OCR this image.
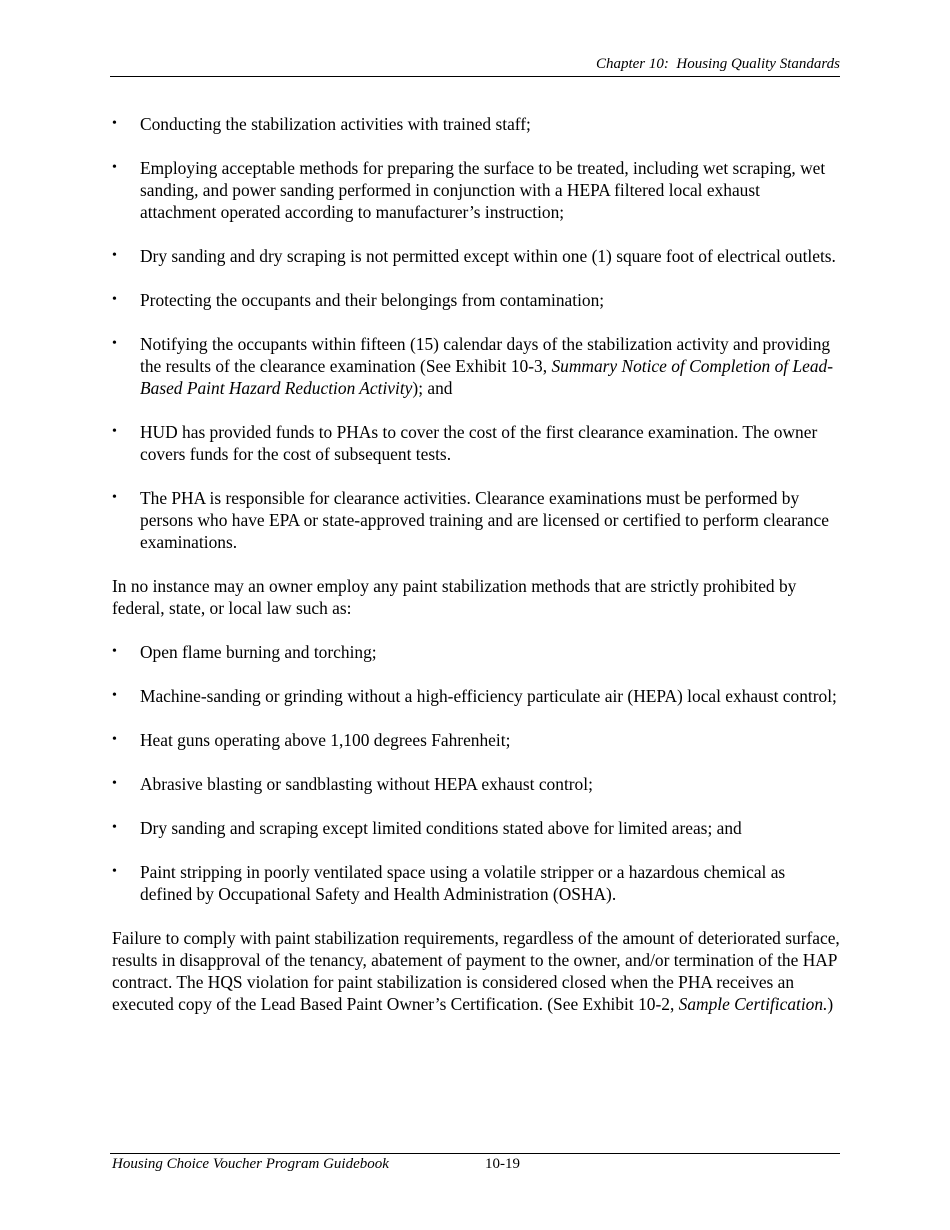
Chapter 10:  Housing Quality Standards
• Conducting the stabilization activities with trained staff;
• Employing acceptable methods for preparing the surface to be treated, including wet scraping, wet sanding, and power sanding performed in conjunction with a HEPA filtered local exhaust attachment operated according to manufacturer’s instruction;
• Dry sanding and dry scraping is not permitted except within one (1) square foot of electrical outlets.
• Protecting the occupants and their belongings from contamination;
• Notifying the occupants within fifteen (15) calendar days of the stabilization activity and providing the results of the clearance examination (See Exhibit 10-3, Summary Notice of Completion of Lead-Based Paint Hazard Reduction Activity); and
• HUD has provided funds to PHAs to cover the cost of the first clearance examination. The owner covers funds for the cost of subsequent tests.
• The PHA is responsible for clearance activities. Clearance examinations must be performed by persons who have EPA or state-approved training and are licensed or certified to perform clearance examinations.

In no instance may an owner employ any paint stabilization methods that are strictly prohibited by federal, state, or local law such as:

• Open flame burning and torching;
• Machine-sanding or grinding without a high-efficiency particulate air (HEPA) local exhaust control;
• Heat guns operating above 1,100 degrees Fahrenheit;
• Abrasive blasting or sandblasting without HEPA exhaust control;
• Dry sanding and scraping except limited conditions stated above for limited areas; and
• Paint stripping in poorly ventilated space using a volatile stripper or a hazardous chemical as defined by Occupational Safety and Health Administration (OSHA).

Failure to comply with paint stabilization requirements, regardless of the amount of deteriorated surface, results in disapproval of the tenancy, abatement of payment to the owner, and/or termination of the HAP contract. The HQS violation for paint stabilization is considered closed when the PHA receives an executed copy of the Lead Based Paint Owner’s Certification. (See Exhibit 10-2, Sample Certification.)

Housing Choice Voucher Program Guidebook	10-19
